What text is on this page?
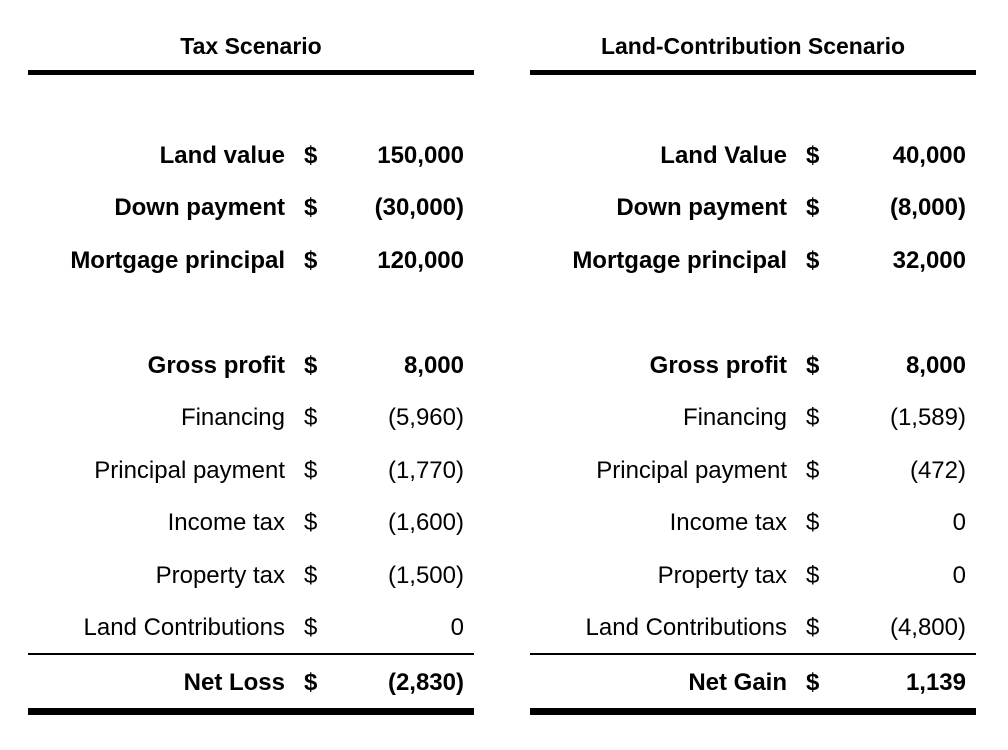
Tax Scenario
Land value $ 150,000
Down payment $ (30,000)
Mortgage principal $ 120,000
Gross profit $	8,000
Financing $	(5,960)
Principal payment $	(1,770)
Income tax $	(1,600)
Property tax $	(1,500)
Land Contributions $	0
Net Loss $	(2,830)
Land-Contribution Scenario
Land Value $	40,000
Down payment $	(8,000)
Mortgage principal $	32,000
Gross profit $	8,000
Financing $	(1,589)
Principal payment $	(472)
Income tax $	0
Property tax $	0
Land Contributions $	(4,800)
Net Gain $	1,139
